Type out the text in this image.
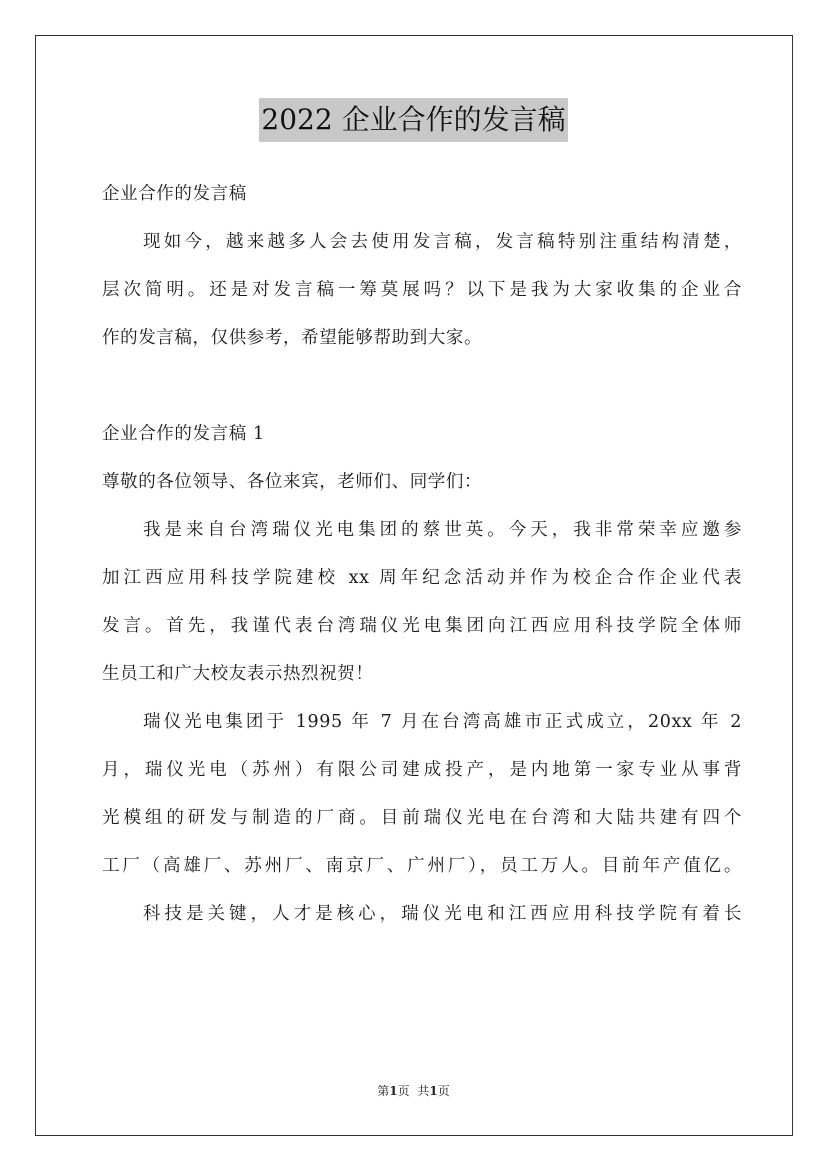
2022 企业合作的发言稿
企业合作的发言稿
现如今，越来越多人会去使用发言稿，发言稿特别注重结构清楚，
层次简明。还是对发言稿一筹莫展吗？以下是我为大家收集的企业合
作的发言稿，仅供参考，希望能够帮助到大家。
企业合作的发言稿 1
尊敬的各位领导、各位来宾，老师们、同学们：
我是来自台湾瑞仪光电集团的蔡世英。今天，我非常荣幸应邀参
加江西应用科技学院建校 xx 周年纪念活动并作为校企合作企业代表
发言。首先，我谨代表台湾瑞仪光电集团向江西应用科技学院全体师
生员工和广大校友表示热烈祝贺！
瑞仪光电集团于 1995 年 7 月在台湾高雄市正式成立，20xx 年 2
月，瑞仪光电（苏州）有限公司建成投产，是内地第一家专业从事背
光模组的研发与制造的厂商。目前瑞仪光电在台湾和大陆共建有四个
工厂（高雄厂、苏州厂、南京厂、广州厂），员工万人。目前年产值亿。
科技是关键，人才是核心，瑞仪光电和江西应用科技学院有着长
第1页 共1页
